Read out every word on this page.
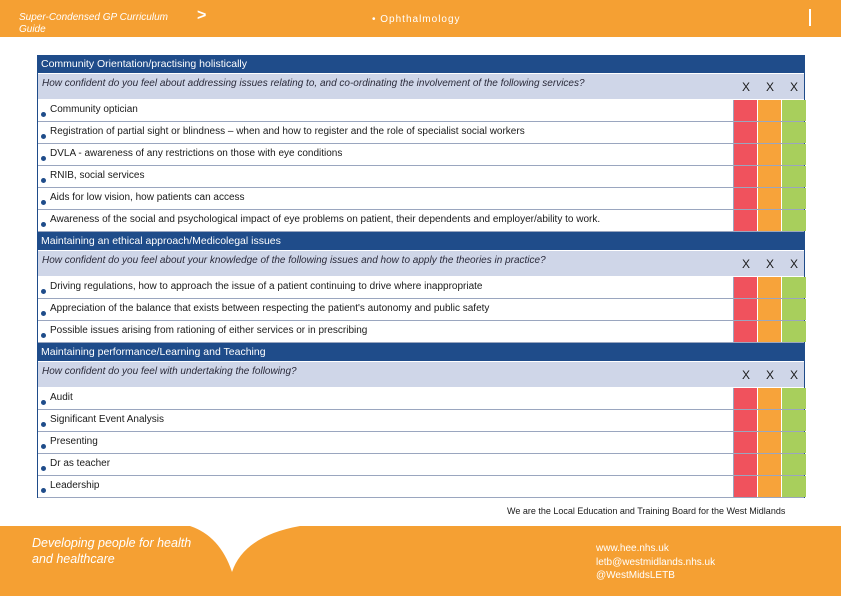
Super-Condensed GP Curriculum Guide
>	• Ophthalmology
Community Orientation/practising holistically
How confident do you feel about addressing issues relating to, and co-ordinating the involvement of the following services?	X	X	X
Community optician
Registration of partial sight or blindness – when and how to register and the role of specialist social workers
DVLA - awareness of any restrictions on those with eye conditions
RNIB, social services
Aids for low vision, how patients can access
Awareness of the social and psychological impact of eye problems on patient, their dependents and employer/ability to work.
Maintaining an ethical approach/Medicolegal issues
How confident do you feel about your knowledge of the following issues and how to apply the theories in practice?	X	X	X
Driving regulations, how to approach the issue of a patient continuing to drive where inappropriate
Appreciation of the balance that exists between respecting the patient's autonomy and public safety
Possible issues arising from rationing of either services or in prescribing
Maintaining performance/Learning and Teaching
How confident do you feel with undertaking the following?	X	X	X
Audit
Significant Event Analysis
Presenting
Dr as teacher
Leadership
We are the Local Education and Training Board for the West Midlands
Developing people for health and healthcare
www.hee.nhs.uk
letb@westmidlands.nhs.uk
@WestMidsLETB
